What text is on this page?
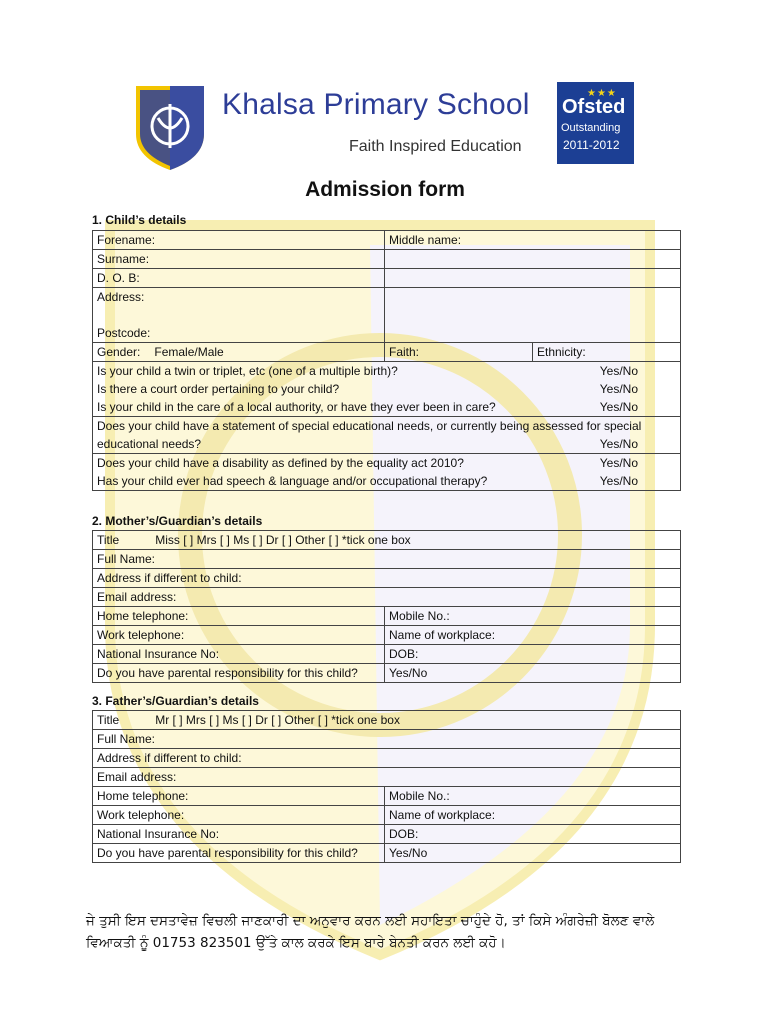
Khalsa Primary School
Faith Inspired Education
★★★
Ofsted
Outstanding
2011-2012
Admission form
1. Child’s details
Forename:	Middle name:	
Surname:		
D. O. B:		
Address:		
Postcode:		
Gender: Female/Male	Faith:	Ethnicity:
Is your child a twin or triplet, etc (one of a multiple birth)? Yes/No		

Is there a court order pertaining to your child? Yes/No		

Is your child in the care of a local authority, or have they ever been in care? Yes/No		

Does your child have a statement of special educational needs, or currently being assessed for special		
educational needs? Yes/No		

Does your child have a disability as defined by the equality act 2010? Yes/No		

Has your child ever had speech & language and/or occupational therapy? Yes/No		
2. Mother’s/Guardian’s details
Title Miss [ ] Mrs [ ] Ms [ ] Dr [ ] Other [ ] *tick one box	
Full Name:	
Address if different to child:	
Email address:	
Home telephone:	Mobile No.:
Work telephone:	Name of workplace:
National Insurance No:	DOB:
Do you have parental responsibility for this child?	Yes/No
3. Father’s/Guardian’s details
Title Mr [ ] Mrs [ ] Ms [ ] Dr [ ] Other [ ] *tick one box	
Full Name:	
Address if different to child:	
Email address:	
Home telephone:	Mobile No.:
Work telephone:	Name of workplace:
National Insurance No:	DOB:
Do you have parental responsibility for this child?	Yes/No
ਜੇ ਤੁਸੀ ਇਸ ਦਸਤਾਵੇਜ਼ ਵਿਚਲੀ ਜਾਣਕਾਰੀ ਦਾ ਅਨੁਵਾਰ ਕਰਨ ਲਈ ਸਹਾਇਤਾ ਚਾਹੁੰਦੇ ਹੋ, ਤਾਂ ਕਿਸੇ ਅੰਗਰੇਜ਼ੀ ਬੋਲਣ ਵਾਲੇ ਵਿਆਕਤੀ ਨੂੰ 01753 823501 ਉੱਤੇ ਕਾਲ ਕਰਕੇ ਇਸ ਬਾਰੇ ਬੇਨਤੀ ਕਰਨ ਲਈ ਕਹੋ।
